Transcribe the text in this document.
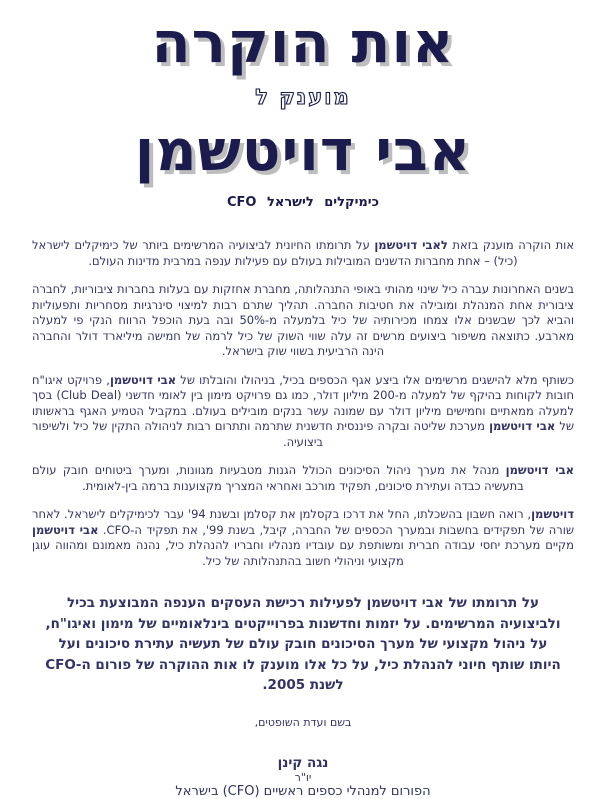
אות הוקרה
מוענק ל
אבי דויטשמן
CFO	כימיקלים לישראל

אות הוקרה מוענק בזאת לאבי דויטשמן על תרומתו החיונית לביצועיה המרשימים ביותר של כימיקלים לישראל (כיל) – אחת מחברות הדשנים המובילות בעולם עם פעילות ענפה במרבית מדינות העולם.

בשנים האחרונות עברה כיל שינוי מהותי באופי התנהלותה, מחברת אחזקות עם בעלות בחברות ציבוריות, לחברה ציבורית אחת המנהלת ומובילה את חטיבות החברה. תהליך שתרם רבות למיצוי סינרגיות מסחריות ותפעוליות והביא לכך שבשנים אלו צמחו מכירותיה של כיל בלמעלה מ-50% ובה בעת הוכפל הרווח הנקי פי למעלה מארבע. כתוצאה משיפור ביצועים מרשים זה עלה שווי השוק של כיל לרמה של חמישה מיליארד דולר והחברה הינה הרביעית בשווי שוק בישראל.

כשותף מלא להישגים מרשימים אלו ביצע אגף הכספים בכיל, בניהולו והובלתו של אבי דויטשמן, פרויקט איגו"ח חובות לקוחות בהיקף של למעלה מ-200 מיליון דולר, כמו גם פרויקט מימון בין לאומי חדשני (Club Deal) בסך למעלה ממאתיים וחמישים מיליון דולר עם שמונה עשר בנקים מובילים בעולם. במקביל הטמיע האגף בראשותו של אבי דויטשמן מערכת שליטה ובקרה פיננסית חדשנית שתרמה ותתרום רבות לניהולה התקין של כיל ולשיפור ביצועיה.

אבי דויטשמן מנהל את מערך ניהול הסיכונים הכולל הגנות מטבעיות מגוונות, ומערך ביטוחים חובק עולם בתעשיה כבדה ועתירת סיכונים, תפקיד מורכב ואחראי המצריך מקצוענות ברמה בין-לאומית.

דויטשמן, רואה חשבון בהשכלתו, החל את דרכו בקסלמן את קסלמן ובשנת 94' עבר לכימיקלים לישראל. לאחר שורה של תפקידים בחשבות ובמערך הכספים של החברה, קיבל, בשנת 99', את תפקיד ה-CFO. אבי דויטשמן מקיים מערכת יחסי עבודה חברית ומשותפת עם עובדיו מנהליו וחבריו להנהלת כיל, נהנה מאמונם ומהווה עוגן מקצועי וניהולי חשוב בהתנהלותה של כיל.

על תרומתו של אבי דויטשמן לפעילות רכישת העסקים הענפה המבוצעת בכיל ולביצועיה המרשימים. על יזמות וחדשנות בפרוייקטים בינלאומיים של מימון ואיגו"ח, על ניהול מקצועי של מערך הסיכונים חובק עולם של תעשיה עתירת סיכונים ועל היותו שותף חיוני להנהלת כיל, על כל אלו מוענק לו אות ההוקרה של פורום ה-CFO לשנת 2005.

בשם ועדת השופטים,
נגה קינן
יו"ר
הפורום למנהלי כספים ראשיים (CFO) בישראל
